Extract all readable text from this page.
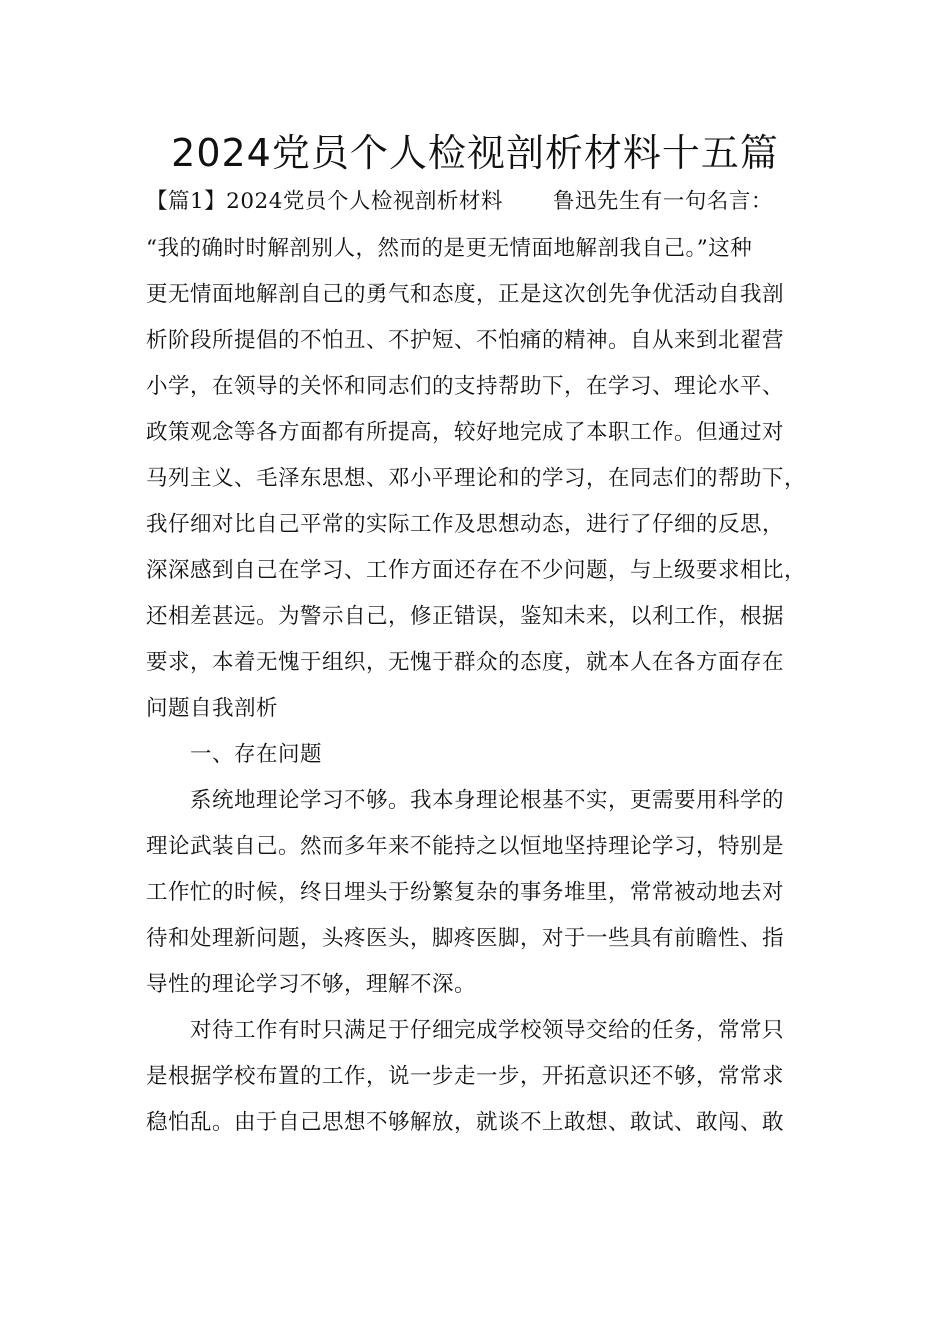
2024党员个人检视剖析材料十五篇
【篇1】2024党员个人检视剖析材料 鲁迅先生有一句名言：
“我的确时时解剖别人，然而的是更无情面地解剖我自己。”这种
更无情面地解剖自己的勇气和态度，正是这次创先争优活动自我剖
析阶段所提倡的不怕丑、不护短、不怕痛的精神。自从来到北翟营
小学，在领导的关怀和同志们的支持帮助下，在学习、理论水平、
政策观念等各方面都有所提高，较好地完成了本职工作。但通过对
马列主义、毛泽东思想、邓小平理论和的学习，在同志们的帮助下，
我仔细对比自己平常的实际工作及思想动态，进行了仔细的反思，
深深感到自己在学习、工作方面还存在不少问题，与上级要求相比，
还相差甚远。为警示自己，修正错误，鉴知未来，以利工作，根据
要求，本着无愧于组织，无愧于群众的态度，就本人在各方面存在
问题自我剖析
一、存在问题
系统地理论学习不够。我本身理论根基不实，更需要用科学的
理论武装自己。然而多年来不能持之以恒地坚持理论学习，特别是
工作忙的时候，终日埋头于纷繁复杂的事务堆里，常常被动地去对
待和处理新问题，头疼医头，脚疼医脚，对于一些具有前瞻性、指
导性的理论学习不够，理解不深。
对待工作有时只满足于仔细完成学校领导交给的任务，常常只
是根据学校布置的工作，说一步走一步，开拓意识还不够，常常求
稳怕乱。由于自己思想不够解放，就谈不上敢想、敢试、敢闯、敢
